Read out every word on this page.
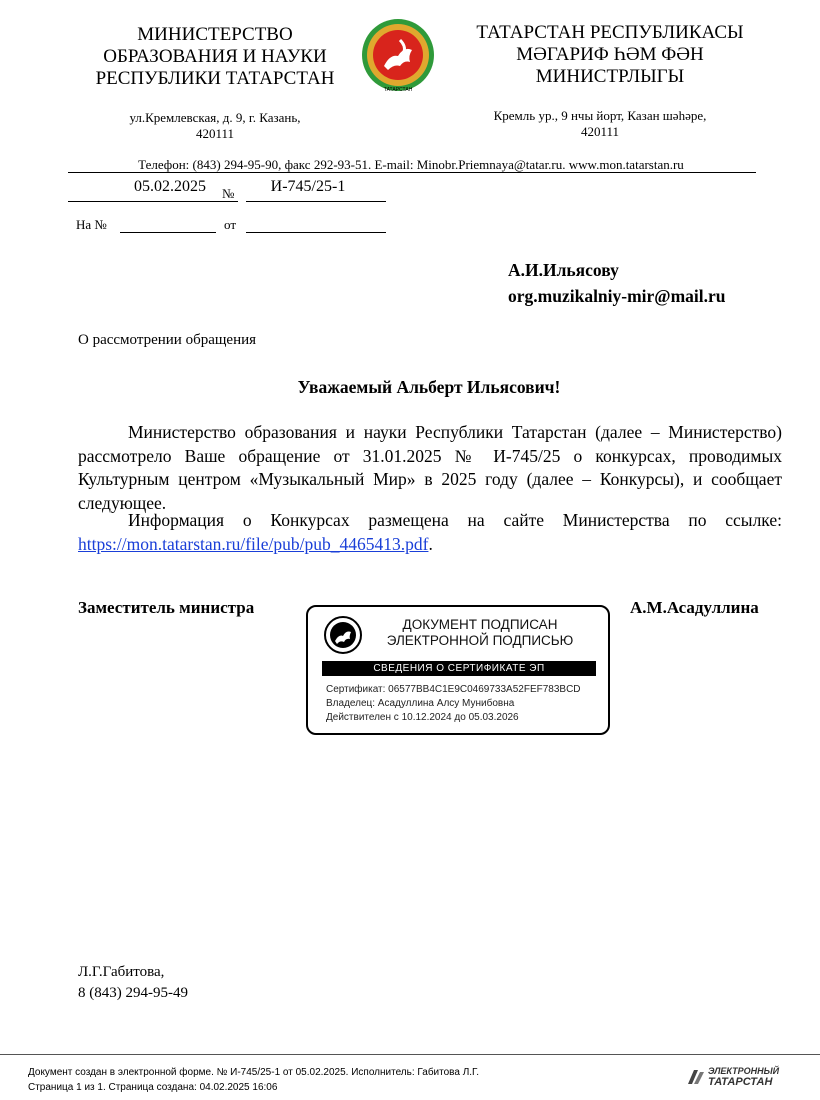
МИНИСТЕРСТВО
ОБРАЗОВАНИЯ И НАУКИ
РЕСПУБЛИКИ ТАТАРСТАН
ТАТАРСТАН
ТАТАРСТАН РЕСПУБЛИКАСЫ
МӘГАРИФ ҺӘМ ФӘН
МИНИСТРЛЫГЫ
ул.Кремлевская, д. 9, г. Казань,
420111
Кремль ур., 9 нчы йорт, Казан шәһәре,
420111
Телефон: (843) 294-95-90, факс 292-93-51. E-mail: Minobr.Priemnaya@tatar.ru. www.mon.tatarstan.ru
05.02.2025	№	И-745/25-1
На №	от
А.И.Ильясову
org.muzikalniy-mir@mail.ru
О рассмотрении обращения
Уважаемый Альберт Ильясович!
Министерство образования и науки Республики Татарстан (далее – Министерство) рассмотрело Ваше обращение от 31.01.2025 № И-745/25 о конкурсах, проводимых Культурным центром «Музыкальный Мир» в 2025 году (далее – Конкурсы), и сообщает следующее.
Информация о Конкурсах размещена на сайте Министерства по ссылке: https://mon.tatarstan.ru/file/pub/pub_4465413.pdf.
Заместитель министра	А.М.Асадуллина
ДОКУМЕНТ ПОДПИСАН
ЭЛЕКТРОННОЙ ПОДПИСЬЮ
СВЕДЕНИЯ О СЕРТИФИКАТЕ ЭП
Сертификат: 06577BB4C1E9C0469733A52FEF783BCD
Владелец: Асадуллина Алсу Мунибовна
Действителен с 10.12.2024 до 05.03.2026
Л.Г.Габитова,
8 (843) 294-95-49
Документ создан в электронной форме. № И-745/25-1 от 05.02.2025. Исполнитель: Габитова Л.Г.
Страница 1 из 1. Страница создана: 04.02.2025 16:06
ЭЛЕКТРОННЫЙ
ТАТАРСТАН
